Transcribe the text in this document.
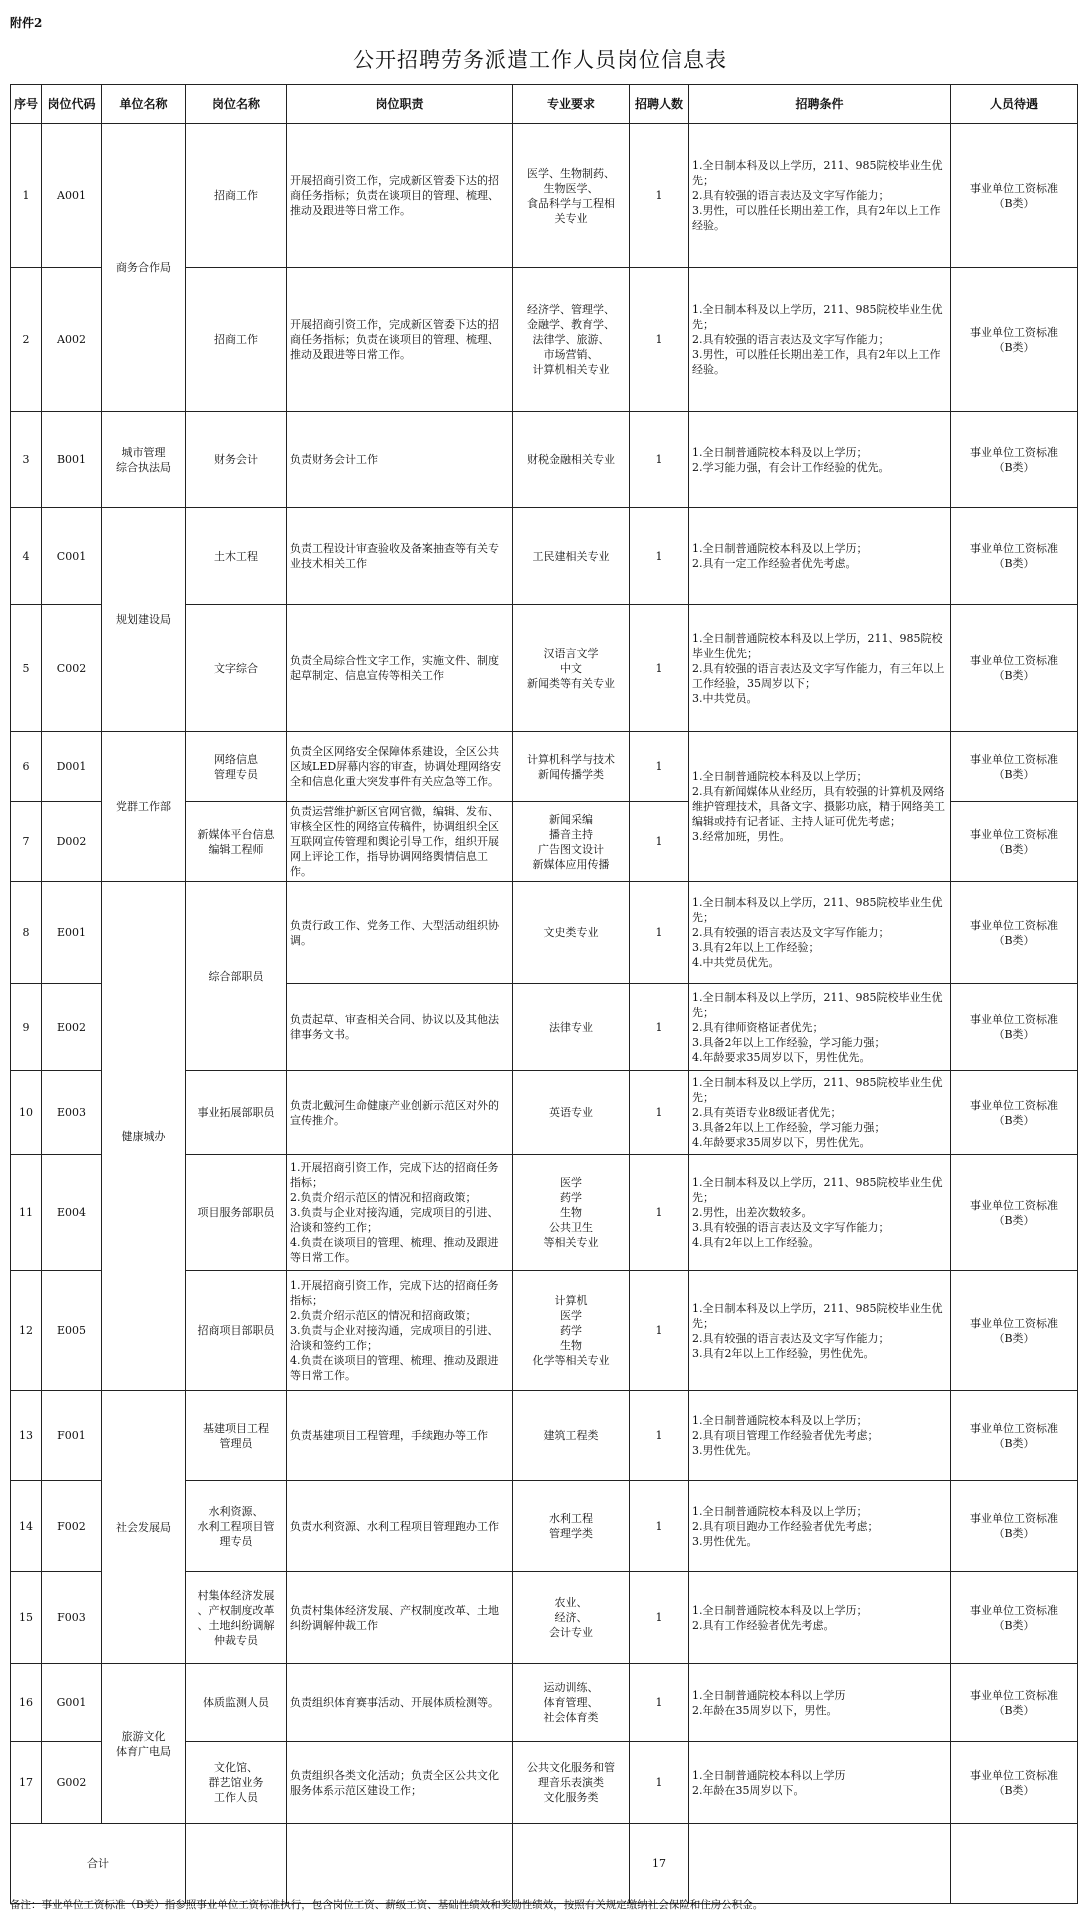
附件2
公开招聘劳务派遣工作人员岗位信息表
序号	岗位代码	单位名称	岗位名称	岗位职责	专业要求	招聘人数	招聘条件	人员待遇
1	A001	商务合作局	招商工作	开展招商引资工作，完成新区管委下达的招商任务指标；负责在谈项目的管理、梳理、推动及跟进等日常工作。	医学、生物制药、
生物医学、
食品科学与工程相
关专业	1	1.全日制本科及以上学历，211、985院校毕业生优先；
2.具有较强的语言表达及文字写作能力；
3.男性，可以胜任长期出差工作，具有2年以上工作经验。	事业单位工资标准
（B类）
2	A002		招商工作	开展招商引资工作，完成新区管委下达的招商任务指标；负责在谈项目的管理、梳理、推动及跟进等日常工作。	经济学、管理学、
金融学、教育学、
法律学、旅游、
市场营销、
计算机相关专业	1	1.全日制本科及以上学历，211、985院校毕业生优先；
2.具有较强的语言表达及文字写作能力；
3.男性，可以胜任长期出差工作，具有2年以上工作经验。	事业单位工资标准
（B类）
3	B001	城市管理
综合执法局	财务会计	负责财务会计工作	财税金融相关专业	1	1.全日制普通院校本科及以上学历；
2.学习能力强，有会计工作经验的优先。	事业单位工资标准
（B类）
4	C001	规划建设局	土木工程	负责工程设计审查验收及备案抽查等有关专业技术相关工作	工民建相关专业	1	1.全日制普通院校本科及以上学历；
2.具有一定工作经验者优先考虑。	事业单位工资标准
（B类）
5	C002		文字综合	负责全局综合性文字工作，实施文件、制度起草制定、信息宣传等相关工作	汉语言文学
中文
新闻类等有关专业	1	1.全日制普通院校本科及以上学历，211、985院校毕业生优先；
2.具有较强的语言表达及文字写作能力，有三年以上工作经验，35周岁以下；
3.中共党员。	事业单位工资标准
（B类）
6	D001	党群工作部	网络信息
管理专员	负责全区网络安全保障体系建设，全区公共区域LED屏幕内容的审查，协调处理网络安全和信息化重大突发事件有关应急等工作。	计算机科学与技术
新闻传播学类	1	1.全日制普通院校本科及以上学历；
2.具有新闻媒体从业经历，具有较强的计算机及网络维护管理技术，具备文字、摄影功底，精于网络美工编辑或持有记者证、主持人证可优先考虑；
3.经常加班，男性。	事业单位工资标准
（B类）
7	D002		新媒体平台信息
编辑工程师	负责运营维护新区官网官微，编辑、发布、审核全区性的网络宣传稿件，协调组织全区互联网宣传管理和舆论引导工作，组织开展网上评论工作，指导协调网络舆情信息工作。	新闻采编
播音主持
广告图文设计
新媒体应用传播	1		事业单位工资标准
（B类）
8	E001	健康城办	综合部职员	负责行政工作、党务工作、大型活动组织协调。	文史类专业	1	1.全日制本科及以上学历，211、985院校毕业生优先；
2.具有较强的语言表达及文字写作能力；
3.具有2年以上工作经验；
4.中共党员优先。	事业单位工资标准
（B类）
9	E002			负责起草、审查相关合同、协议以及其他法律事务文书。	法律专业	1	1.全日制本科及以上学历，211、985院校毕业生优先；
2.具有律师资格证者优先；
3.具备2年以上工作经验，学习能力强；
4.年龄要求35周岁以下，男性优先。	事业单位工资标准
（B类）
10	E003		事业拓展部职员	负责北戴河生命健康产业创新示范区对外的宣传推介。	英语专业	1	1.全日制本科及以上学历，211、985院校毕业生优先；
2.具有英语专业8级证者优先；
3.具备2年以上工作经验，学习能力强；
4.年龄要求35周岁以下，男性优先。	事业单位工资标准
（B类）
11	E004		项目服务部职员	1.开展招商引资工作，完成下达的招商任务指标；
2.负责介绍示范区的情况和招商政策；
3.负责与企业对接沟通，完成项目的引进、洽谈和签约工作；
4.负责在谈项目的管理、梳理、推动及跟进等日常工作。	医学
药学
生物
公共卫生
等相关专业	1	1.全日制本科及以上学历，211、985院校毕业生优先；
2.男性，出差次数较多。
3.具有较强的语言表达及文字写作能力；
4.具有2年以上工作经验。	事业单位工资标准
（B类）
12	E005		招商项目部职员	1.开展招商引资工作，完成下达的招商任务指标；
2.负责介绍示范区的情况和招商政策；
3.负责与企业对接沟通，完成项目的引进、洽谈和签约工作；
4.负责在谈项目的管理、梳理、推动及跟进等日常工作。	计算机
医学
药学
生物
化学等相关专业	1	1.全日制本科及以上学历，211、985院校毕业生优先；
2.具有较强的语言表达及文字写作能力；
3.具有2年以上工作经验，男性优先。	事业单位工资标准
（B类）
13	F001	社会发展局	基建项目工程
管理员	负责基建项目工程管理，手续跑办等工作	建筑工程类	1	1.全日制普通院校本科及以上学历；
2.具有项目管理工作经验者优先考虑；
3.男性优先。	事业单位工资标准
（B类）
14	F002		水利资源、
水利工程项目管
理专员	负责水利资源、水利工程项目管理跑办工作	水利工程
管理学类	1	1.全日制普通院校本科及以上学历；
2.具有项目跑办工作经验者优先考虑；
3.男性优先。	事业单位工资标准
（B类）
15	F003		村集体经济发展
、产权制度改革
、土地纠纷调解
仲裁专员	负责村集体经济发展、产权制度改革、土地纠纷调解仲裁工作	农业、
经济、
会计专业	1	1.全日制普通院校本科及以上学历；
2.具有工作经验者优先考虑。	事业单位工资标准
（B类）
16	G001	旅游文化
体育广电局	体质监测人员	负责组织体育赛事活动、开展体质检测等。	运动训练、
体育管理、
社会体育类	1	1.全日制普通院校本科以上学历
2.年龄在35周岁以下，男性。	事业单位工资标准
（B类）
17	G002		文化馆、
群艺馆业务
工作人员	负责组织各类文化活动；负责全区公共文化服务体系示范区建设工作；	公共文化服务和管
理音乐表演类
文化服务类	1	1.全日制普通院校本科以上学历
2.年龄在35周岁以下。	事业单位工资标准
（B类）
合计						17		
备注：事业单位工资标准（B类）指参照事业单位工资标准执行，包含岗位工资、薪级工资、基础性绩效和奖励性绩效，按照有关规定缴纳社会保险和住房公积金。
